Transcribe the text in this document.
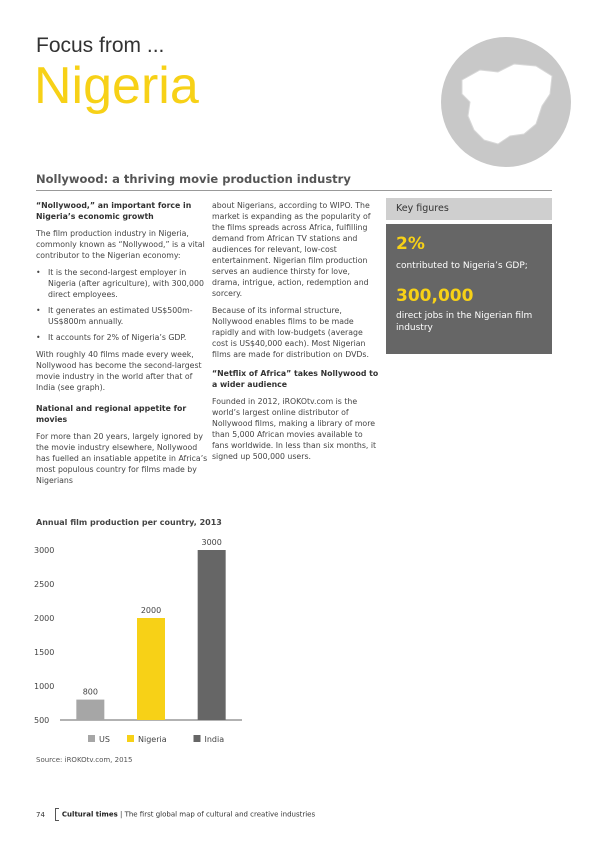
Focus from ...
Nigeria
Nollywood: a thriving movie production industry

“Nollywood,” an important force in Nigeria’s economic growth

The film production industry in Nigeria, commonly known as “Nollywood,” is a vital contributor to the Nigerian economy:

• It is the second-largest employer in Nigeria (after agriculture), with 300,000 direct employees.
• It generates an estimated US$500m-US$800m annually.
• It accounts for 2% of Nigeria’s GDP.

With roughly 40 films made every week, Nollywood has become the second-largest movie industry in the world after that of India (see graph).

National and regional appetite for movies

For more than 20 years, largely ignored by the movie industry elsewhere, Nollywood has fuelled an insatiable appetite in Africa’s most populous country for films made by Nigerians

about Nigerians, according to WIPO. The market is expanding as the popularity of the films spreads across Africa, fulfilling demand from African TV stations and audiences for relevant, low-cost entertainment. Nigerian film production serves an audience thirsty for love, drama, intrigue, action, redemption and sorcery.

Because of its informal structure, Nollywood enables films to be made rapidly and with low-budgets (average cost is US$40,000 each). Most Nigerian films are made for distribution on DVDs.

“Netflix of Africa” takes Nollywood to a wider audience

Founded in 2012, iROKOtv.com is the world’s largest online distributor of Nollywood films, making a library of more than 5,000 African movies available to fans worldwide. In less than six months, it signed up 500,000 users.

Key figures
2%
contributed to Nigeria’s GDP;
300,000
direct jobs in the Nigerian film industry
Annual film production per country, 2013
500
1000
1500
2000
2500
3000
800
2000
3000
US	Nigeria	India
Source: iROKOtv.com, 2015
74 Cultural times | The first global map of cultural and creative industries
